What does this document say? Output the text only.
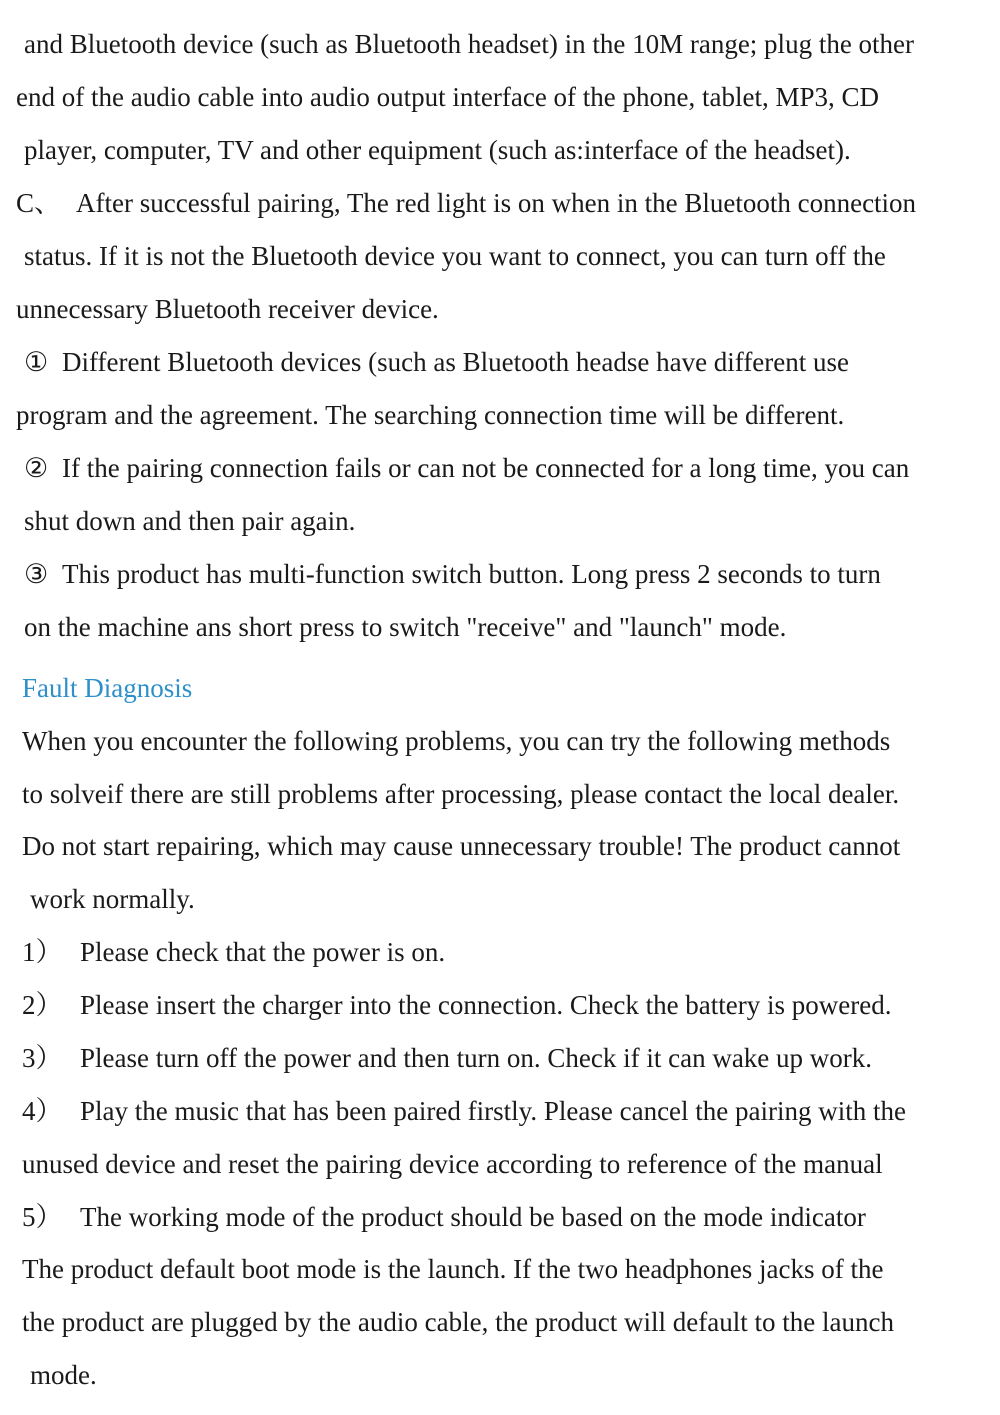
and Bluetooth device (such as Bluetooth headset) in the 10M range; plug the other
end of the audio cable into audio output interface of the phone, tablet, MP3, CD
player, computer, TV and other equipment (such as:interface of the headset).
C、 After successful pairing, The red light is on when in the Bluetooth connection
status. If it is not the Bluetooth device you want to connect, you can turn off the
unnecessary Bluetooth receiver device.
① Different Bluetooth devices (such as Bluetooth headse have different use
program and the agreement. The searching connection time will be different.
② If the pairing connection fails or can not be connected for a long time, you can
shut down and then pair again.
③ This product has multi-function switch button. Long press 2 seconds to turn
on the machine ans short press to switch "receive" and "launch" mode.
Fault Diagnosis
When you encounter the following problems, you can try the following methods
to solveif there are still problems after processing, please contact the local dealer.
Do not start repairing, which may cause unnecessary trouble! The product cannot
work normally.
1） Please check that the power is on.
2） Please insert the charger into the connection. Check the battery is powered.
3） Please turn off the power and then turn on. Check if it can wake up work.
4） Play the music that has been paired firstly. Please cancel the pairing with the
unused device and reset the pairing device according to reference of the manual
5） The working mode of the product should be based on the mode indicator
The product default boot mode is the launch. If the two headphones jacks of the
the product are plugged by the audio cable, the product will default to the launch
mode.
